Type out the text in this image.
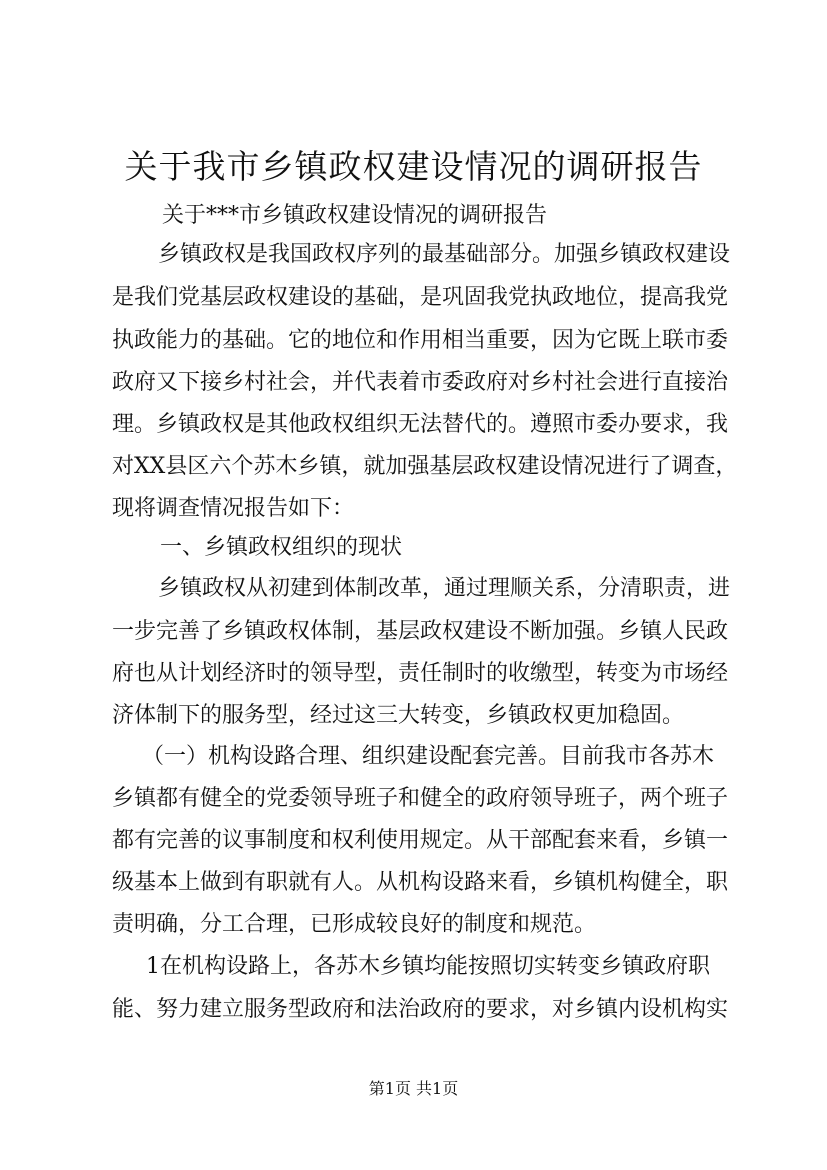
关于我市乡镇政权建设情况的调研报告

关于***市乡镇政权建设情况的调研报告

乡镇政权是我国政权序列的最基础部分。加强乡镇政权建设

是我们党基层政权建设的基础，是巩固我党执政地位，提高我党

执政能力的基础。它的地位和作用相当重要，因为它既上联市委

政府又下接乡村社会，并代表着市委政府对乡村社会进行直接治

理。乡镇政权是其他政权组织无法替代的。遵照市委办要求，我

对XX县区六个苏木乡镇，就加强基层政权建设情况进行了调查，

现将调查情况报告如下：

一、乡镇政权组织的现状

乡镇政权从初建到体制改革，通过理顺关系，分清职责，进

一步完善了乡镇政权体制，基层政权建设不断加强。乡镇人民政

府也从计划经济时的领导型，责任制时的收缴型，转变为市场经

济体制下的服务型，经过这三大转变，乡镇政权更加稳固。

（一）机构设路合理、组织建设配套完善。目前我市各苏木

乡镇都有健全的党委领导班子和健全的政府领导班子，两个班子

都有完善的议事制度和权利使用规定。从干部配套来看，乡镇一

级基本上做到有职就有人。从机构设路来看，乡镇机构健全，职

责明确，分工合理，已形成较良好的制度和规范。

1在机构设路上，各苏木乡镇均能按照切实转变乡镇政府职

能、努力建立服务型政府和法治政府的要求，对乡镇内设机构实

第1页 共1页
